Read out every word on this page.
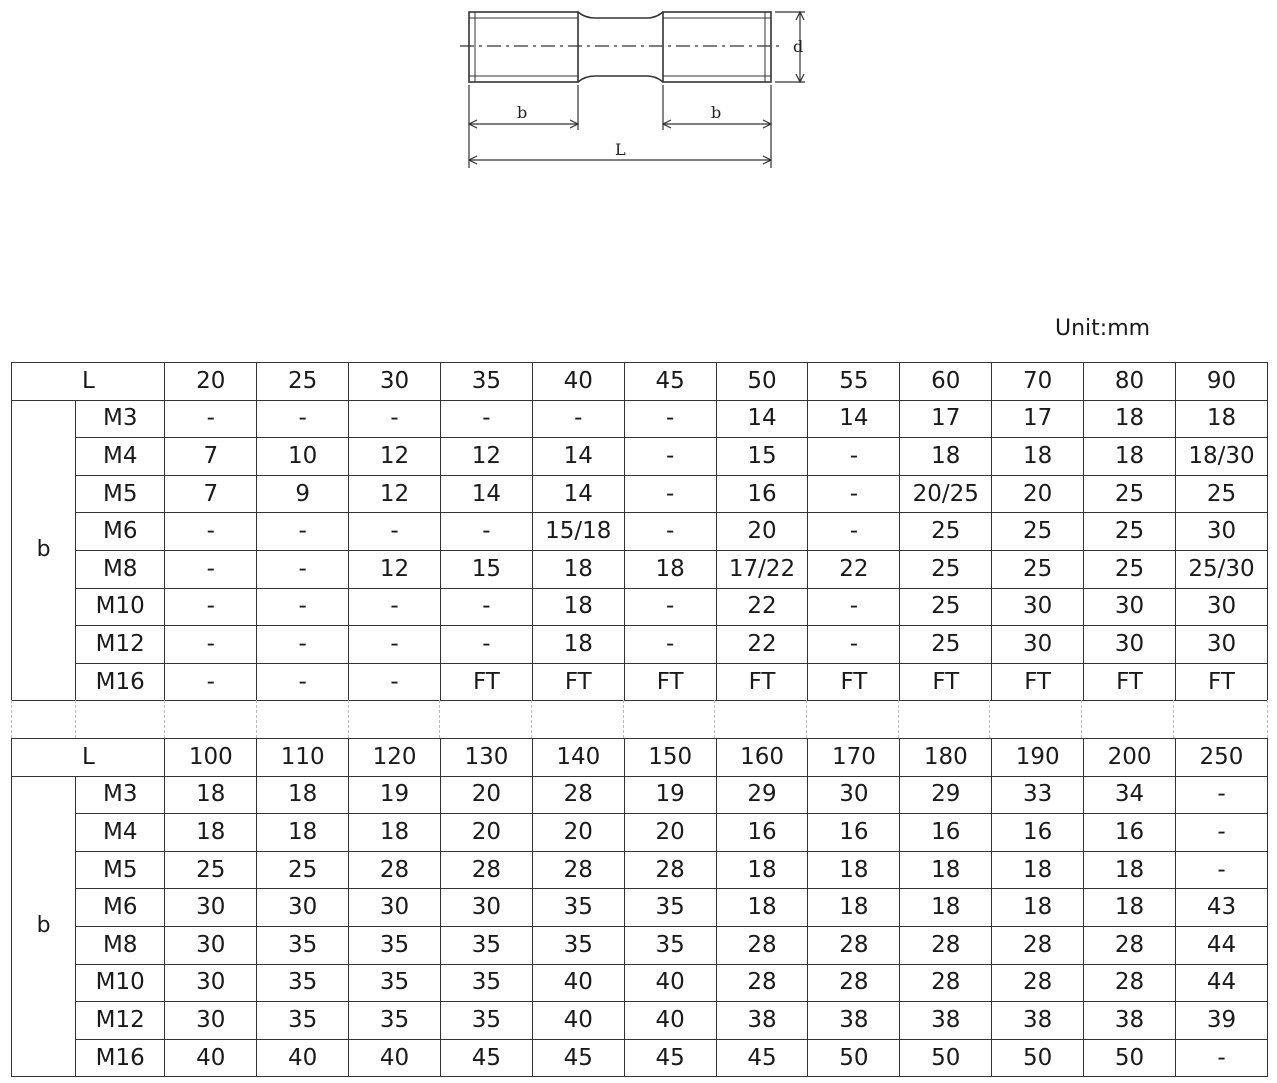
d
b	b
L
Unit:mm
L		20	25	30	35	40	45	50	55	60	70	80	90
b	M3	-	-	-	-	-	-	14	14	17	17	18	18
	M4	7	10	12	12	14	-	15	-	18	18	18	18/30
	M5	7	9	12	14	14	-	16	-	20/25	20	25	25
	M6	-	-	-	-	15/18	-	20	-	25	25	25	30
	M8	-	-	12	15	18	18	17/22	22	25	25	25	25/30
	M10	-	-	-	-	18	-	22	-	25	30	30	30
	M12	-	-	-	-	18	-	22	-	25	30	30	30
	M16	-	-	-	FT	FT	FT	FT	FT	FT	FT	FT	FT
L		100	110	120	130	140	150	160	170	180	190	200	250
b	M3	18	18	19	20	28	19	29	30	29	33	34	-
	M4	18	18	18	20	20	20	16	16	16	16	16	-
	M5	25	25	28	28	28	28	18	18	18	18	18	-
	M6	30	30	30	30	35	35	18	18	18	18	18	43
	M8	30	35	35	35	35	35	28	28	28	28	28	44
	M10	30	35	35	35	40	40	28	28	28	28	28	44
	M12	30	35	35	35	40	40	38	38	38	38	38	39
	M16	40	40	40	45	45	45	45	50	50	50	50	-
